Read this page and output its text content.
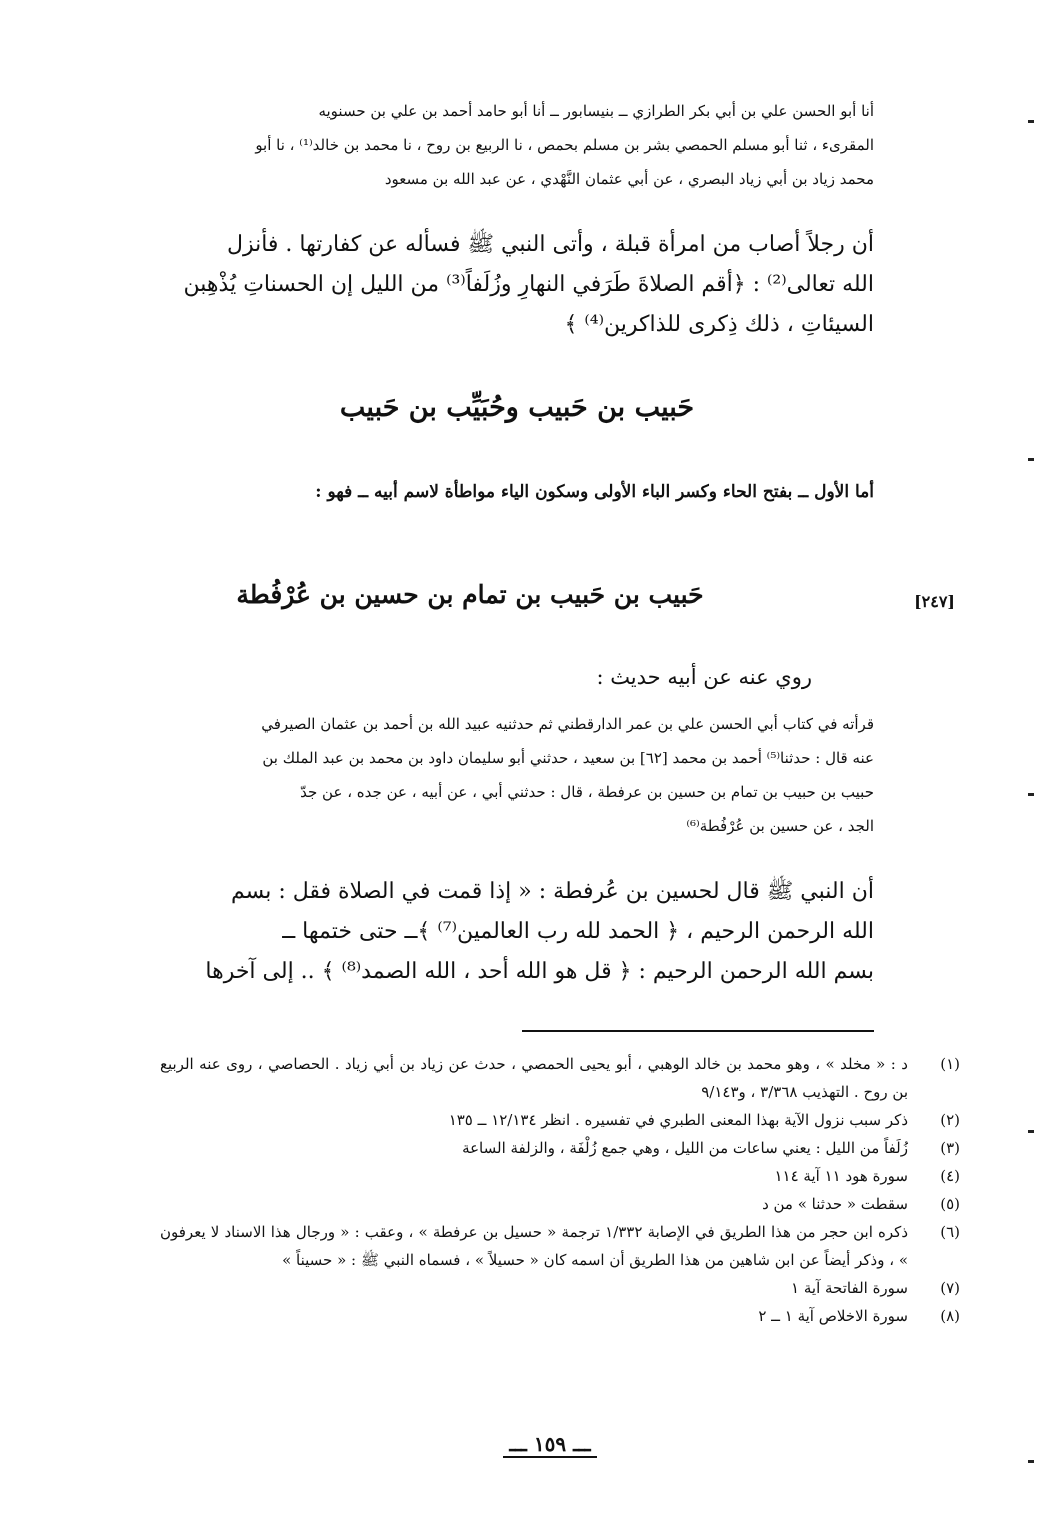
أنا أبو الحسن علي بن أبي بكر الطرازي ــ بنيسابور ــ أنا أبو حامد أحمد بن علي بن حسنويه

المقرىء ، ثنا أبو مسلم الحمصي بشر بن مسلم بحمص ، نا الربيع بن روح ، نا محمد بن خالد⁽¹⁾ ، نا أبو

محمد زياد بن أبي زياد البصري ، عن أبي عثمان النَّهْدي ، عن عبد الله بن مسعود

أن رجلاً أصاب من امرأة قبلة ، وأتى النبي ﷺ فسأله عن كفارتها . فأنزل

الله تعالى⁽²⁾ : ﴿أقم الصلاةَ طَرَفي النهارِ وزُلَفاً⁽³⁾ من الليل إن الحسناتِ يُذْهِبن

السيئاتِ ، ذلك ذِكرى للذاكرين⁽⁴⁾ ﴾

حَبيب بن حَبيب وحُبَيِّب بن حَبيب
أما الأول ــ بفتح الحاء وكسر الباء الأولى وسكون الياء مواطأة لاسم أبيه ــ فهو :
[٢٤٧]
حَبيب بن حَبيب بن تمام بن حسين بن عُرْفُطة
روي عنه عن أبيه حديث :

قرأته في كتاب أبي الحسن علي بن عمر الدارقطني ثم حدثنيه عبيد الله بن أحمد بن عثمان الصيرفي

عنه قال : حدثنا⁽⁵⁾ أحمد بن محمد [٦٢] بن سعيد ، حدثني أبو سليمان داود بن محمد بن عبد الملك بن

حبيب بن حبيب بن تمام بن حسين بن عرفطة ، قال : حدثني أبي ، عن أبيه ، عن جده ، عن جدّ

الجد ، عن حسين بن عُرْفُطة⁽⁶⁾

أن النبي ﷺ قال لحسين بن عُرفطة : « إذا قمت في الصلاة فقل : بسم

الله الرحمن الرحيم ، ﴿ الحمد لله رب العالمين⁽⁷⁾ ﴾ــ حتى ختمها ــ

بسم الله الرحمن الرحيم : ﴿ قل هو الله أحد ، الله الصمد⁽⁸⁾ ﴾ .. إلى آخرها

(١)
د : « مخلد » ، وهو محمد بن خالد الوهبي ، أبو يحيى الحمصي ، حدث عن زياد بن أبي زياد . الحصاصي ، روى عنه الربيع بن روح . التهذيب ٣/٣٦٨ ، و٩/١٤٣
(٢)
ذكر سبب نزول الآية بهذا المعنى الطبري في تفسيره . انظر ١٢/١٣٤ ــ ١٣٥
(٣)
زُلَفاً من الليل : يعني ساعات من الليل ، وهي جمع زُلْفَة ، والزلفة الساعة
(٤)
سورة هود ١١ آية ١١٤
(٥)
سقطت « حدثنا » من د
(٦)
ذكره ابن حجر من هذا الطريق في الإصابة ١/٣٣٢ ترجمة « حسيل بن عرفطة » ، وعقب : « ورجال هذا الاسناد لا يعرفون » ، وذكر أيضاً عن ابن شاهين من هذا الطريق أن اسمه كان « حسيلاً » ، فسماه النبي ﷺ : « حسيناً »
(٧)
سورة الفاتحة آية ١
(٨)
سورة الاخلاص آية ١ ــ ٢
ـــ ١٥٩ ـــ
